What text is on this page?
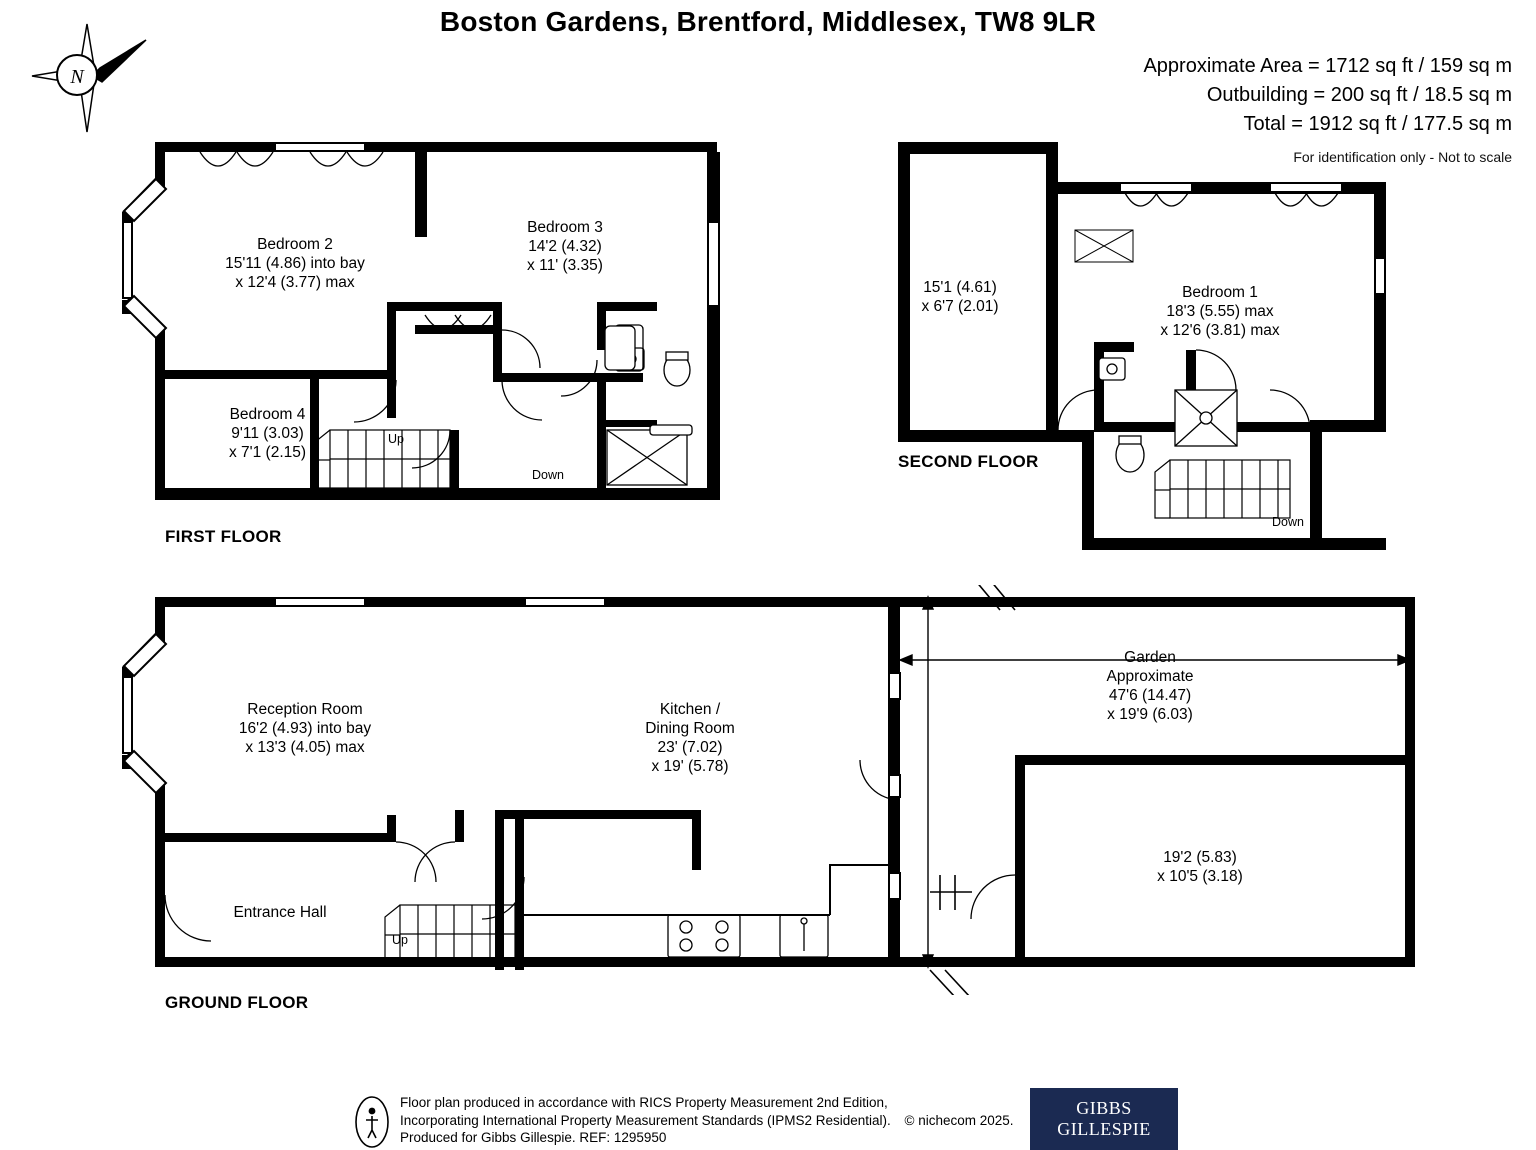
Boston Gardens, Brentford, Middlesex, TW8 9LR
Approximate Area = 1712 sq ft / 159 sq m
Outbuilding = 200 sq ft / 18.5 sq m
Total = 1912 sq ft / 177.5 sq m
For identification only - Not to scale
N
Bedroom 2
15'11 (4.86) into bay
x 12'4 (3.77) max
Bedroom 3
14'2 (4.32)
x 11' (3.35)
Bedroom 4
9'11 (3.03)
x 7'1 (2.15)
Up
Down
FIRST FLOOR
15'1 (4.61)
x 6'7 (2.01)
Bedroom 1
18'3 (5.55) max
x 12'6 (3.81) max
Down
SECOND FLOOR
Reception Room
16'2 (4.93) into bay
x 13'3 (4.05) max
Kitchen /
Dining Room
23' (7.02)
x 19' (5.78)
Entrance Hall
Garden
Approximate
47'6 (14.47)
x 19'9 (6.03)
19'2 (5.83)
x 10'5 (3.18)
Up
GROUND FLOOR
Floor plan produced in accordance with RICS Property Measurement 2nd Edition,
Incorporating International Property Measurement Standards (IPMS2 Residential). © nichecom 2025.
Produced for Gibbs Gillespie. REF: 1295950
GIBBS
GILLESPIE
